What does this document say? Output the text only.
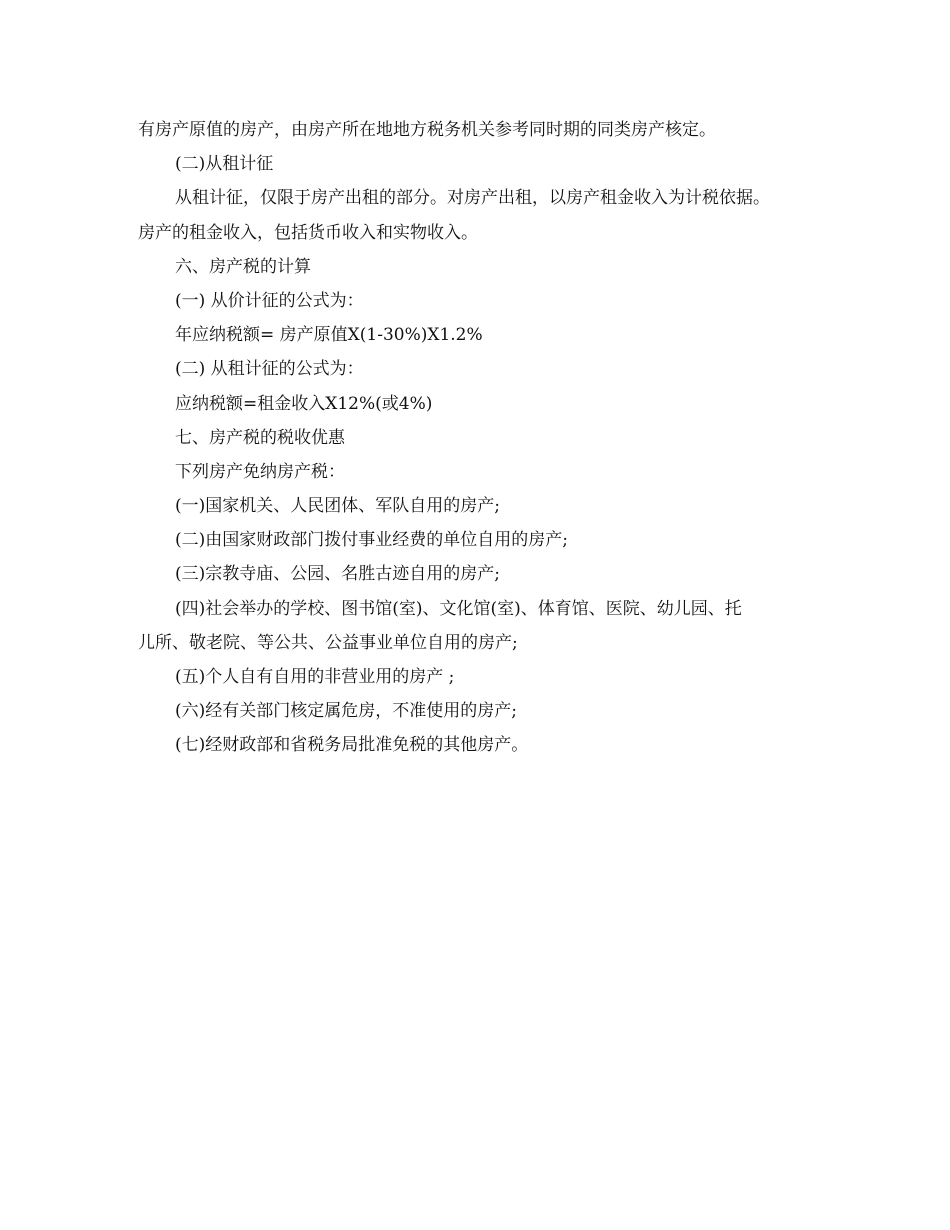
有房产原值的房产，由房产所在地地方税务机关参考同时期的同类房产核定。
(二)从租计征
从租计征，仅限于房产出租的部分。对房产出租，以房产租金收入为计税依据。
房产的租金收入，包括货币收入和实物收入。
六、房产税的计算
(一) 从价计征的公式为：
年应纳税额= 房产原值X(1-30%)X1.2%
(二) 从租计征的公式为：
应纳税额=租金收入X12%(或4%)
七、房产税的税收优惠
下列房产免纳房产税：
(一)国家机关、人民团体、军队自用的房产;
(二)由国家财政部门拨付事业经费的单位自用的房产;
(三)宗教寺庙、公园、名胜古迹自用的房产;
(四)社会举办的学校、图书馆(室)、文化馆(室)、体育馆、医院、幼儿园、托
儿所、敬老院、等公共、公益事业单位自用的房产;
(五)个人自有自用的非营业用的房产 ;
(六)经有关部门核定属危房，不准使用的房产;
(七)经财政部和省税务局批准免税的其他房产。
